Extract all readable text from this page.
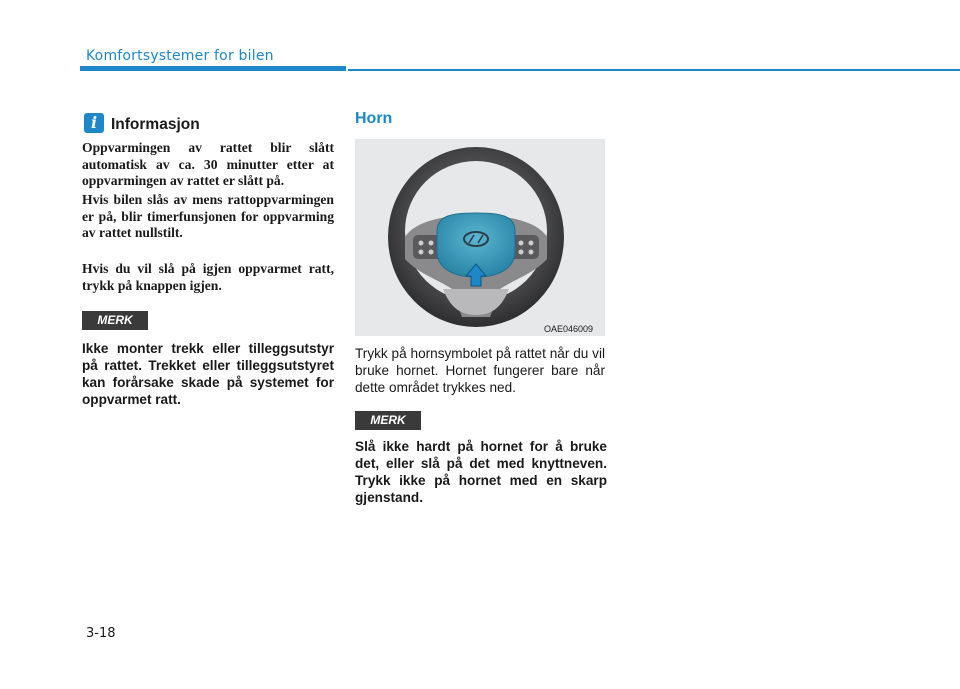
Komfortsystemer for bilen
i Informasjon

Oppvarmingen av rattet blir slått automatisk av ca. 30 minutter etter at oppvarmingen av rattet er slått på.

Hvis bilen slås av mens rattoppvarmingen er på, blir timerfunsjonen for oppvarming av rattet nullstilt.

Hvis du vil slå på igjen oppvarmet ratt, trykk på knappen igjen.

MERK

Ikke monter trekk eller tilleggsutstyr på rattet. Trekket eller tilleggsutstyret kan forårsake skade på systemet for oppvarmet ratt.

Horn
OAE046009

Trykk på hornsymbolet på rattet når du vil bruke hornet. Hornet fungerer bare når dette området trykkes ned.

MERK

Slå ikke hardt på hornet for å bruke det, eller slå på det med knyttneven. Trykk ikke på hornet med en skarp gjenstand.

3-18
